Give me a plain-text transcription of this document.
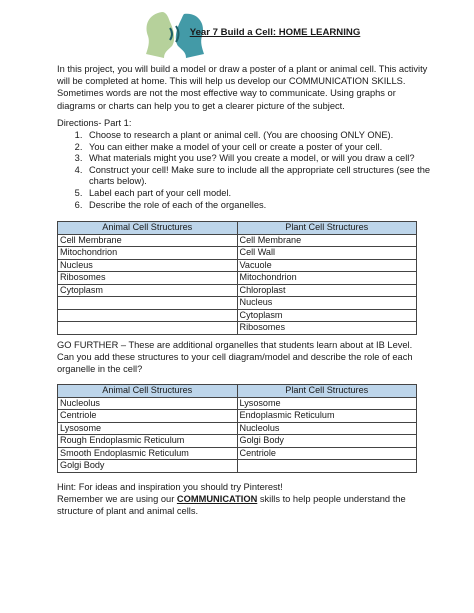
Year 7 Build a Cell: HOME LEARNING

In this project, you will build a model or draw a poster of a plant or animal cell. This activity will be completed at home. This will help us develop our COMMUNICATION SKILLS. Sometimes words are not the most effective way to communicate. Using graphs or diagrams or charts can help you to get a clearer picture of the subject.

Directions- Part 1:
1. Choose to research a plant or animal cell. (You are choosing ONLY ONE).
2. You can either make a model of your cell or create a poster of your cell.
3. What materials might you use? Will you create a model, or will you draw a cell?
4. Construct your cell! Make sure to include all the appropriate cell structures (see the charts below).
5. Label each part of your cell model.
6. Describe the role of each of the organelles.
Animal Cell Structures	Plant Cell Structures
Cell Membrane	Cell Membrane
Mitochondrion	Cell Wall
Nucleus	Vacuole
Ribosomes	Mitochondrion
Cytoplasm	Chloroplast
	Nucleus
	Cytoplasm
	Ribosomes

GO FURTHER – These are additional organelles that students learn about at IB Level. Can you add these structures to your cell diagram/model and describe the role of each organelle in the cell?

Animal Cell Structures	Plant Cell Structures
Nucleolus	Lysosome
Centriole	Endoplasmic Reticulum
Lysosome	Nucleolus
Rough Endoplasmic Reticulum	Golgi Body
Smooth Endoplasmic Reticulum	Centriole
Golgi Body	

Hint: For ideas and inspiration you should try Pinterest!
Remember we are using our COMMUNICATION skills to help people understand the structure of plant and animal cells.
